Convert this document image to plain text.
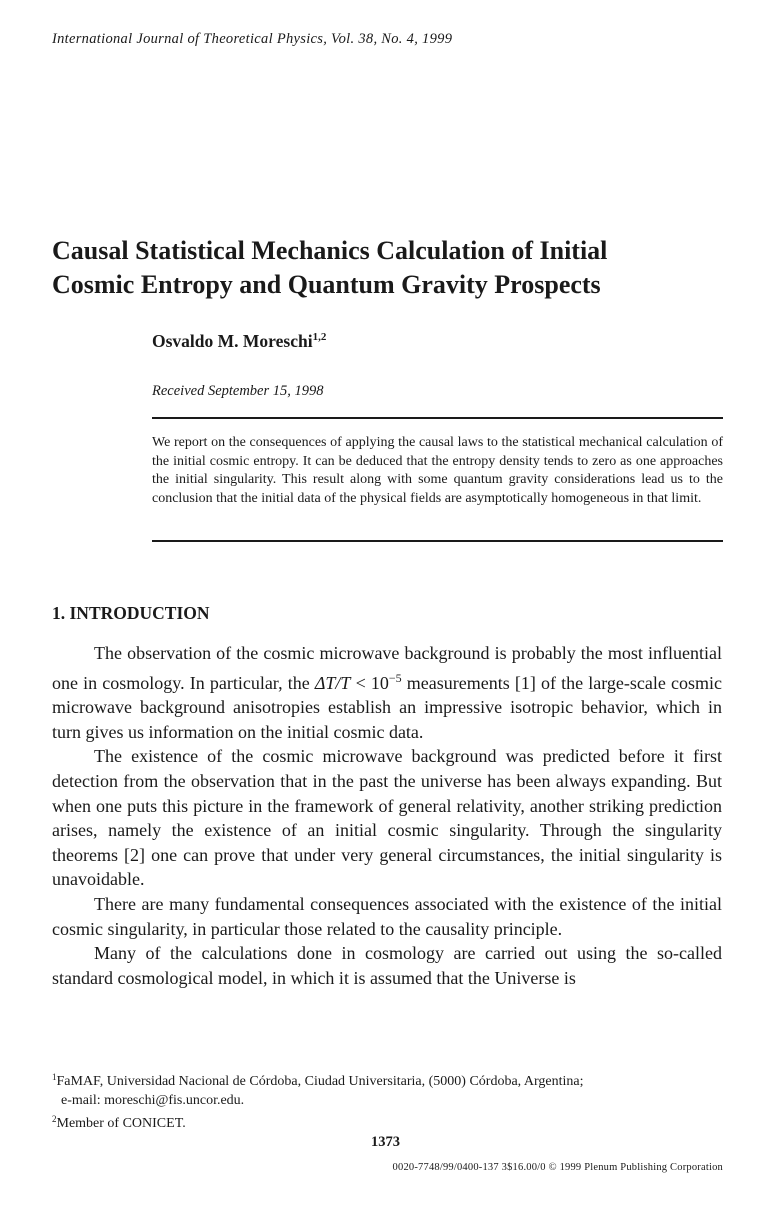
International Journal of Theoretical Physics, Vol. 38, No. 4, 1999
Causal Statistical Mechanics Calculation of Initial
Cosmic Entropy and Quantum Gravity Prospects
Osvaldo M. Moreschi$^{1,2}$
Received September 15, 1998
We report on the consequences of applying the causal laws to the statistical mechanical calculation of the initial cosmic entropy. It can be deduced that the entropy density tends to zero as one approaches the initial singularity. This result along with some quantum gravity considerations lead us to the conclusion that the initial data of the physical fields are asymptotically homogeneous in that limit.
1. INTRODUCTION

The observation of the cosmic microwave background is probably the most influential one in cosmology. In particular, the $\Delta T/T < 10^{-5}$ measurements [1] of the large-scale cosmic microwave background anisotropies establish an impressive isotropic behavior, which in turn gives us information on the initial cosmic data.

The existence of the cosmic microwave background was predicted before it first detection from the observation that in the past the universe has been always expanding. But when one puts this picture in the framework of general relativity, another striking prediction arises, namely the existence of an initial cosmic singularity. Through the singularity theorems [2] one can prove that under very general circumstances, the initial singularity is unavoidable.

There are many fundamental consequences associated with the existence of the initial cosmic singularity, in particular those related to the causality principle.

Many of the calculations done in cosmology are carried out using the so-called standard cosmological model, in which it is assumed that the Universe is

$^1$FaMAF, Universidad Nacional de Córdoba, Ciudad Universitaria, (5000) Córdoba, Argentina;
e-mail: moreschi@fis.uncor.edu.
$^2$Member of CONICET.
1373
0020-7748/99/0400-137 3$16.00/0 © 1999 Plenum Publishing Corporation
